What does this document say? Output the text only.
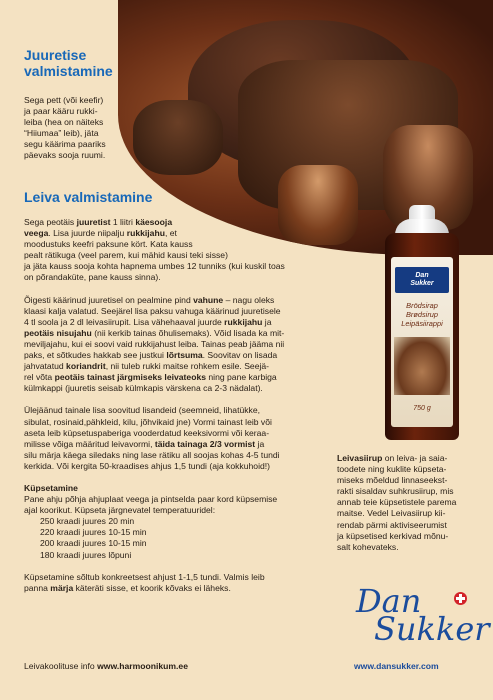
Juuretise
valmistamine

Sega pett (või keefir)
ja paar kääru rukki-
leiba (hea on näiteks
“Hiiumaa” leib), jäta
segu käärima paariks
päevaks sooja ruumi.

Leiva valmistamine

Sega peotäis juuretist 1 liitri käesooja
veega. Lisa juurde niipalju rukkijahu, et
moodustuks keefri paksune kört. Kata kauss
pealt rätikuga (veel parem, kui mähid kausi teki sisse)
ja jäta kauss sooja kohta hapnema umbes 12 tunniks (kui kuskil toas
on põrandaküte, pane kauss sinna).

Õigesti käärinud juuretisel on pealmine pind vahune – nagu oleks
klaasi kalja valatud. Seejärel lisa paksu vahuga käärinud juuretisele
4 tl soola ja 2 dl leivasiirupit. Lisa vähehaaval juurde rukkijahu ja
peotäis nisujahu (nii kerkib tainas õhulisemaks). Võid lisada ka mit-
meviljajahu, kui ei soovi vaid rukkijahust leiba. Tainas peab jääma nii
paks, et sõtkudes hakkab see justkui lõrtsuma. Soovitav on lisada
jahvatatud koriandrit, nii tuleb rukki maitse rohkem esile. Seejä-
rel võta peotäis tainast järgmiseks leivateoks ning pane karbiga
külmkappi (juuretis seisab külmkapis värskena ca 2-3 nädalat).

Ülejäänud tainale lisa soovitud lisandeid (seemneid, lihatükke,
sibulat, rosinaid,pähkleid, kilu, jõhvikaid jne) Vormi tainast leib või
aseta leib küpsetuspaberiga vooderdatud keeksivormi või keraa-
milisse võiga määritud leivavormi, täida tainaga 2/3 vormist ja
silu märja käega siledaks ning lase rätiku all soojas kohas 4-5 tundi
kerkida. Või kergita 50-kraadises ahjus 1,5 tundi (aja kokkuhoid!)

Küpsetamine
Pane ahju põhja ahjuplaat veega ja pintselda paar kord küpsemise
ajal koorikut. Küpseta järgnevatel temperatuuridel:
250 kraadi juures 20 min
220 kraadi juures 10-15 min
200 kraadi juures 10-15 min
180 kraadi juures lõpuni

Küpsetamine sõltub konkreetsest ahjust 1-1,5 tundi. Valmis leib
panna märja käteräti sisse, et koorik kõvaks ei läheks.

Dan
Sukker
Brödsirap
Brødsirup
Leipäsiirappi
750 g
Leivasiirup on leiva- ja saia-
toodete ning kuklite küpseta-
miseks mõeldud linnaseekst-
rakti sisaldav suhkrusiirup, mis
annab teie küpsetistele parema
maitse. Vedel Leivasiirup kii-
rendab pärmi aktiviseerumist
ja küpsetised kerkivad mõnu-
salt kohevateks.
Dan
Sukker
Leivakoolituse info www.harmoonikum.ee	www.dansukker.com
